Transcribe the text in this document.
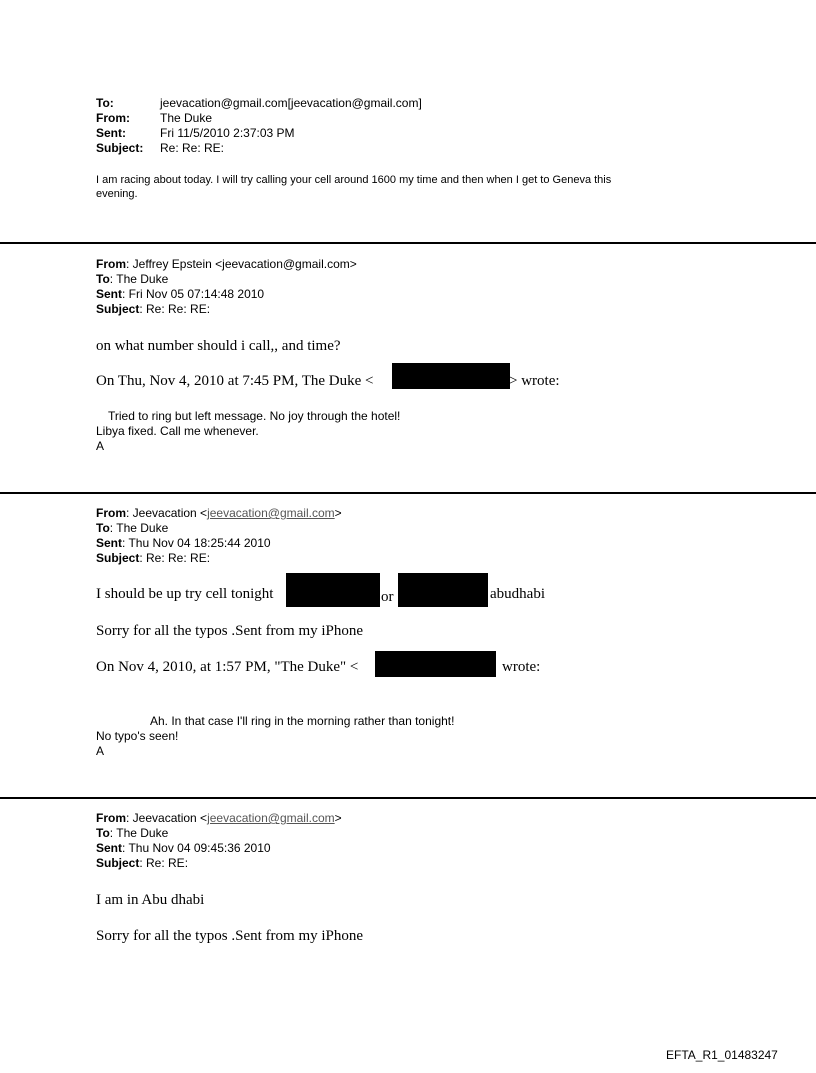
To:	jeevacation@gmail.com[jeevacation@gmail.com]
From:	The Duke
Sent:	Fri 11/5/2010 2:37:03 PM
Subject: Re: Re: RE:
I am racing about today. I will try calling your cell around 1600 my time and then when I get to Geneva this
evening.
From: Jeffrey Epstein <jeevacation@gmail.com>
To: The Duke
Sent: Fri Nov 05 07:14:48 2010
Subject: Re: Re: RE:
on what number should i call,, and time?
On Thu, Nov 4, 2010 at 7:45 PM, The Duke <	> wrote:
Tried to ring but left message. No joy through the hotel!
Libya fixed. Call me whenever.
A
From: Jeevacation <jeevacation@gmail.com>
To: The Duke
Sent: Thu Nov 04 18:25:44 2010
Subject: Re: Re: RE:
I should be up try cell tonight	or	abudhabi
Sorry for all the typos .Sent from my iPhone
On Nov 4, 2010, at 1:57 PM, "The Duke" <	wrote:
Ah. In that case I'll ring in the morning rather than tonight!
No typo's seen!
A
From: Jeevacation <jeevacation@gmail.com>
To: The Duke
Sent: Thu Nov 04 09:45:36 2010
Subject: Re: RE:
I am in Abu dhabi
Sorry for all the typos .Sent from my iPhone
EFTA_R1_01483247
